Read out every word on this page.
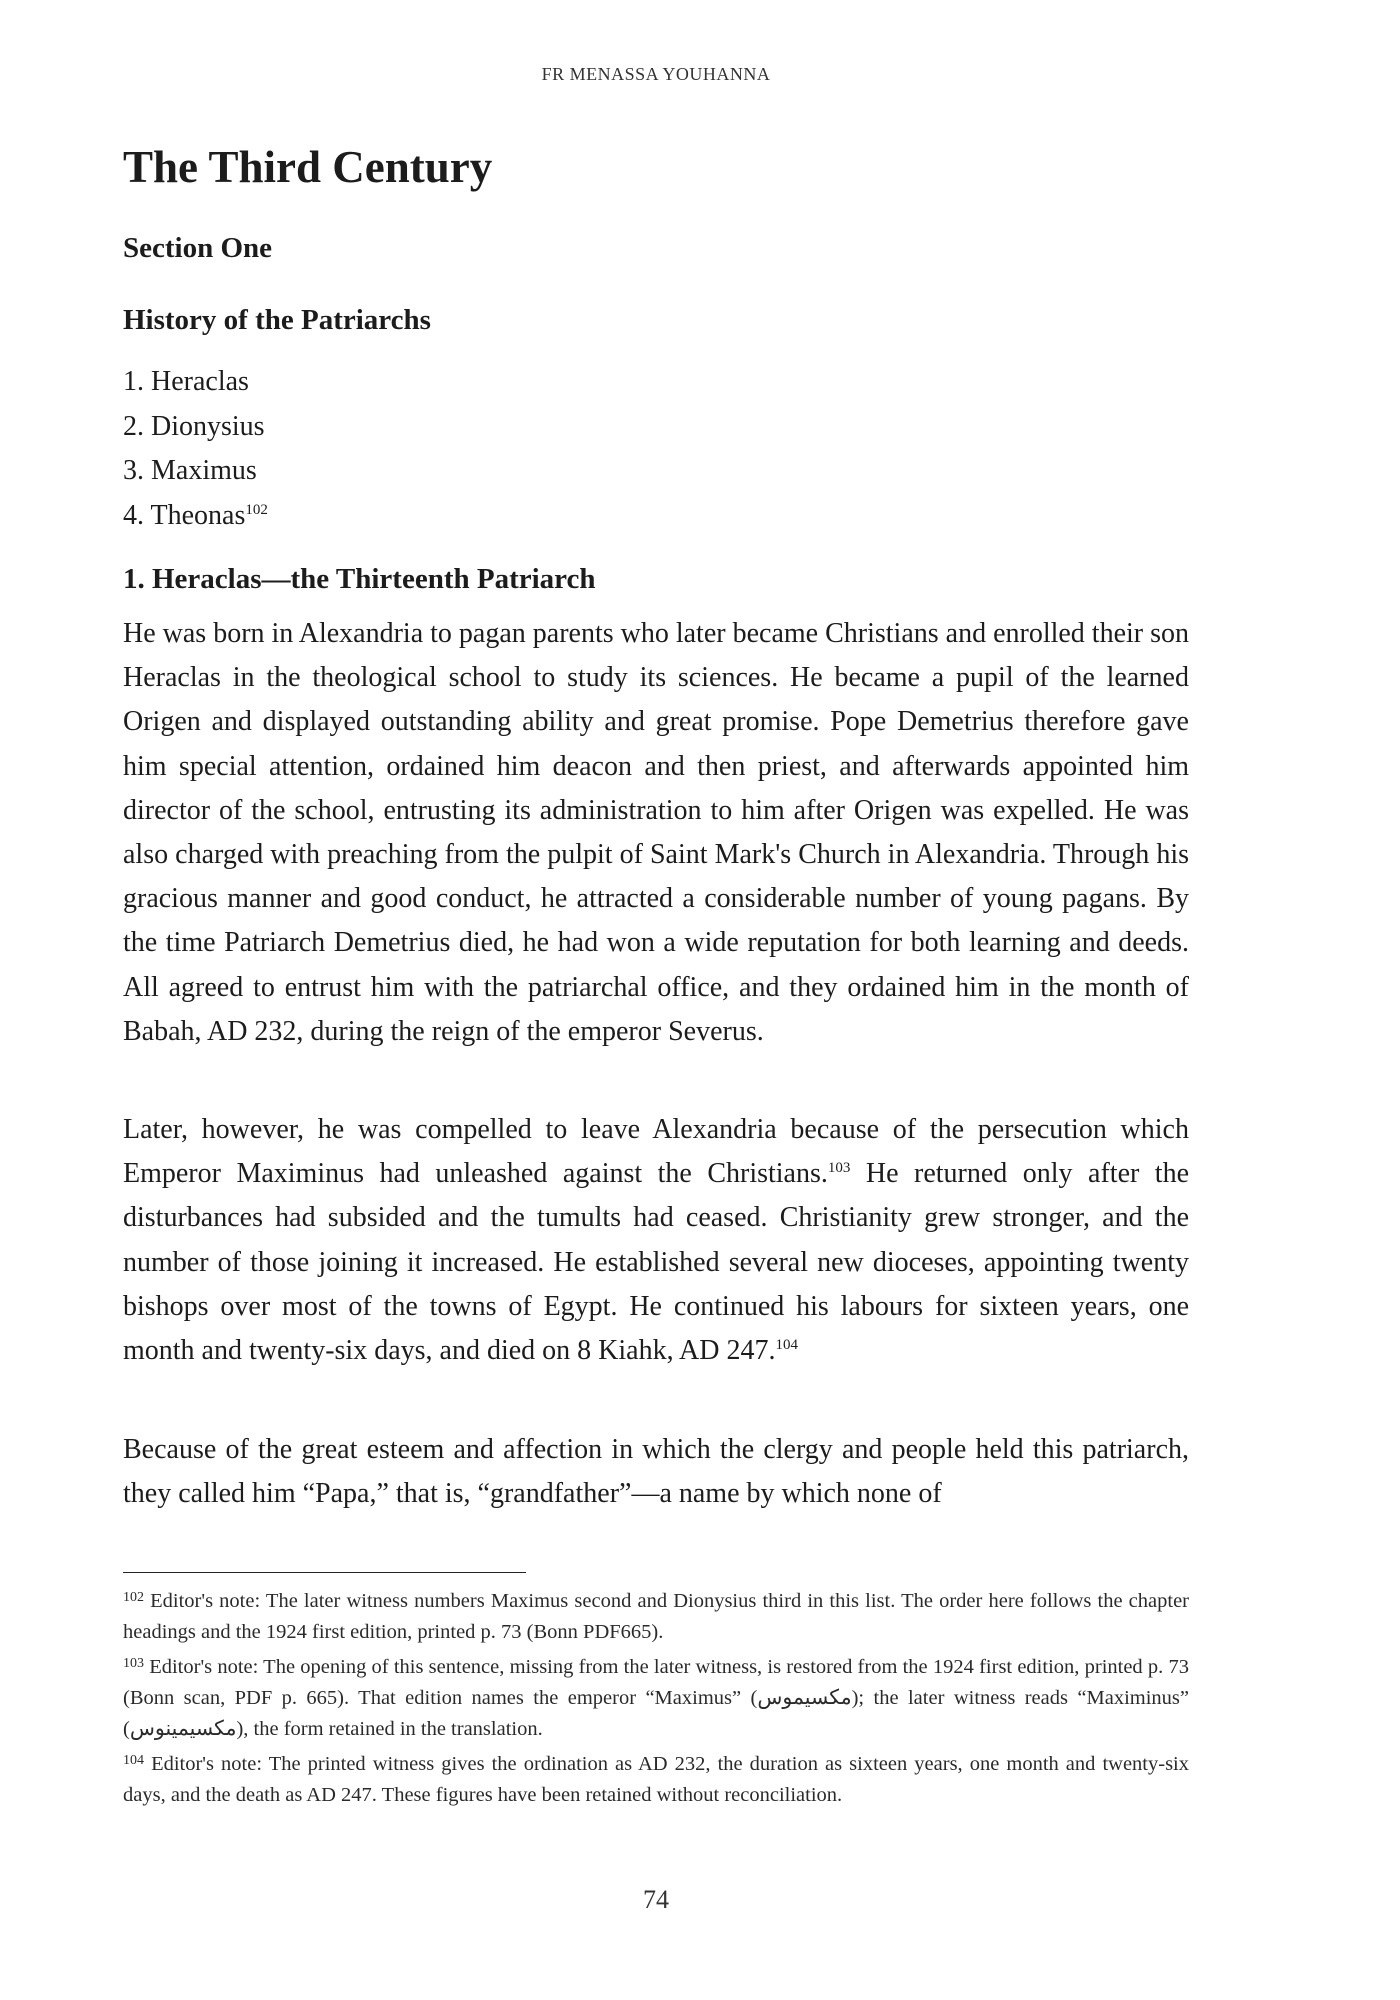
FR MENASSA YOUHANNA
The Third Century
Section One
History of the Patriarchs
1. Heraclas
2. Dionysius
3. Maximus
4. Theonas$^{102}$
1. Heraclas—the Thirteenth Patriarch

He was born in Alexandria to pagan parents who later became Christians and enrolled their son Heraclas in the theological school to study its sciences. He became a pupil of the learned Origen and displayed outstanding ability and great promise. Pope Demetrius therefore gave him special attention, ordained him deacon and then priest, and afterwards appointed him director of the school, entrusting its administration to him after Origen was expelled. He was also charged with preaching from the pulpit of Saint Mark's Church in Alexandria. Through his gracious manner and good conduct, he attracted a considerable number of young pagans. By the time Patriarch Demetrius died, he had won a wide reputation for both learning and deeds. All agreed to entrust him with the patriarchal office, and they ordained him in the month of Babah, AD 232, during the reign of the emperor Severus.

Later, however, he was compelled to leave Alexandria because of the persecution which Emperor Maximinus had unleashed against the Christians.$^{103}$ He returned only after the disturbances had subsided and the tumults had ceased. Christianity grew stronger, and the number of those joining it increased. He established several new dioceses, appointing twenty bishops over most of the towns of Egypt. He continued his labours for sixteen years, one month and twenty-six days, and died on 8 Kiahk, AD 247.$^{104}$

Because of the great esteem and affection in which the clergy and people held this patriarch, they called him “Papa,” that is, “grandfather”—a name by which none of

$^{102}$ Editor's note: The later witness numbers Maximus second and Dionysius third in this list. The order here follows the chapter headings and the 1924 first edition, printed p. 73 (Bonn PDF665).

$^{103}$ Editor's note: The opening of this sentence, missing from the later witness, is restored from the 1924 first edition, printed p. 73 (Bonn scan, PDF p. 665). That edition names the emperor “Maximus” (مكسيموس); the later witness reads “Maximinus” (مكسيمينوس), the form retained in the translation.

$^{104}$ Editor's note: The printed witness gives the ordination as AD 232, the duration as sixteen years, one month and twenty-six days, and the death as AD 247. These figures have been retained without reconciliation.

74
